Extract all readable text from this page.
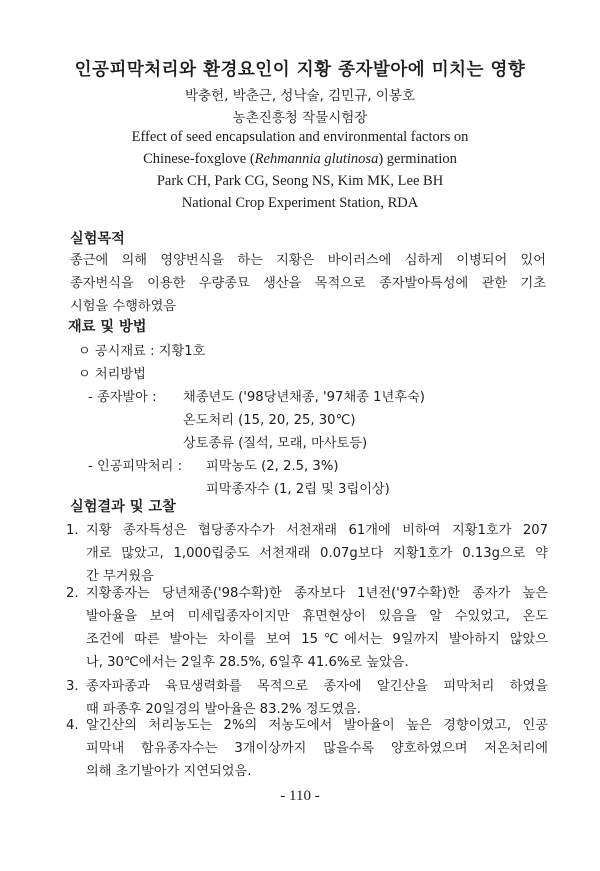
인공피막처리와 환경요인이 지황 종자발아에 미치는 영향
박충헌, 박춘근, 성낙술, 김민규, 이봉호
농촌진흥청 작물시험장
Effect of seed encapsulation and environmental factors on
Chinese-foxglove (Rehmannia glutinosa) germination
Park CH, Park CG, Seong NS, Kim MK, Lee BH
National Crop Experiment Station, RDA
실험목적
종근에 의해 영양번식을 하는 지황은 바이러스에 심하게 이병되어 있어
종자번식을 이용한 우량종묘 생산을 목적으로 종자발아특성에 관한 기초
시험을 수행하였음
재료 및 방법
ㅇ 공시재료 : 지황1호
ㅇ 처리방법
- 종자발아 : 채종년도 ('98당년채종, '97채종 1년후숙)
온도처리 (15, 20, 25, 30℃)
상토종류 (질석, 모래, 마사토등)
- 인공피막처리 : 피막농도 (2, 2.5, 3%)
피막종자수 (1, 2립 및 3립이상)
실험결과 및 고찰
1. 지황 종자특성은 협당종자수가 서천재래 61개에 비하여 지황1호가 207
개로 많았고, 1,000립중도 서천재래 0.07g보다 지황1호가 0.13g으로 약
간 무거웠음
2. 지황종자는 당년채종('98수확)한 종자보다 1년전('97수확)한 종자가 높은
발아율을 보여 미세립종자이지만 휴면현상이 있음을 알 수있었고, 온도
조건에 따른 발아는 차이를 보여 15℃에서는 9일까지 발아하지 않았으
나, 30℃에서는 2일후 28.5%, 6일후 41.6%로 높았음.
3. 종자파종과 육묘생력화를 목적으로 종자에 알긴산을 피막처리 하였을
때 파종후 20일경의 발아율은 83.2% 정도였음.
4. 알긴산의 처리농도는 2%의 저농도에서 발아율이 높은 경향이였고, 인공
피막내 함유종자수는 3개이상까지 많을수록 양호하였으며 저온처리에
의해 초기발아가 지연되었음.
- 110 -
